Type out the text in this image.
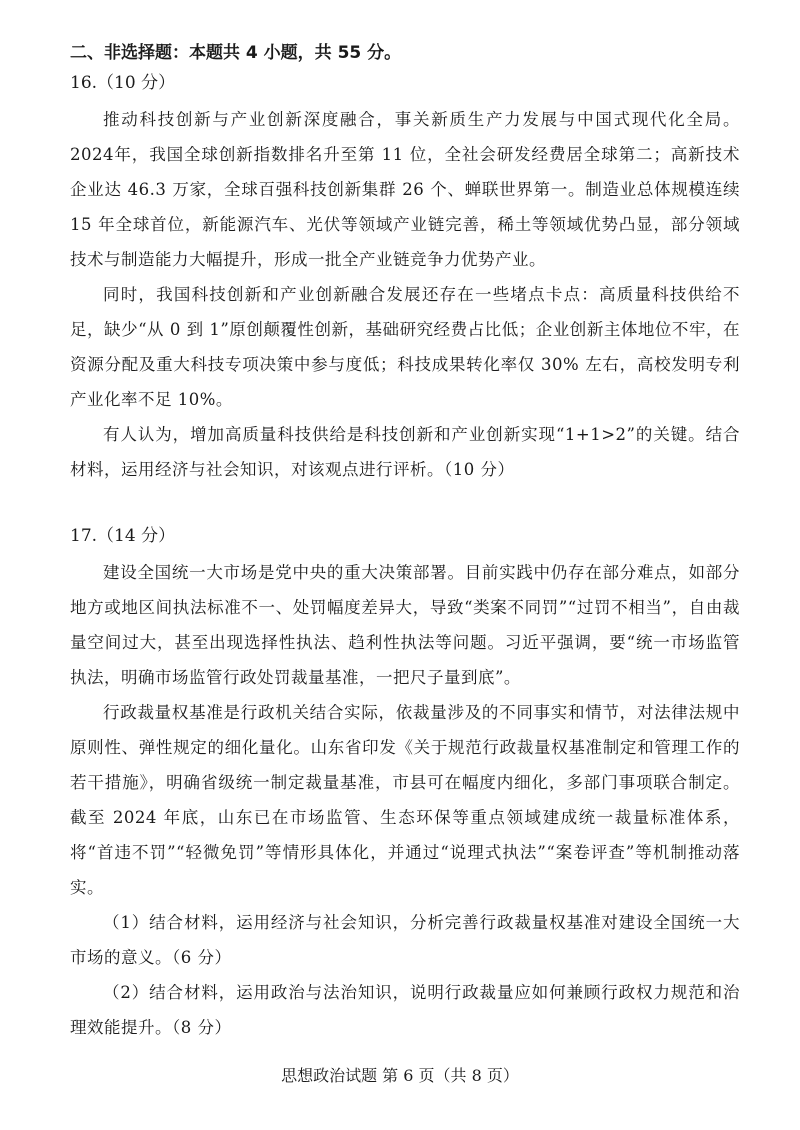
二、非选择题：本题共 4 小题，共 55 分。

16.（10 分）

推动科技创新与产业创新深度融合，事关新质生产力发展与中国式现代化全局。2024年，我国全球创新指数排名升至第 11 位，全社会研发经费居全球第二；高新技术企业达 46.3 万家，全球百强科技创新集群 26 个、蝉联世界第一。制造业总体规模连续 15 年全球首位，新能源汽车、光伏等领域产业链完善，稀土等领域优势凸显，部分领域技术与制造能力大幅提升，形成一批全产业链竞争力优势产业。

同时，我国科技创新和产业创新融合发展还存在一些堵点卡点：高质量科技供给不足，缺少“从 0 到 1”原创颠覆性创新，基础研究经费占比低；企业创新主体地位不牢，在资源分配及重大科技专项决策中参与度低；科技成果转化率仅 30% 左右，高校发明专利产业化率不足 10%。

有人认为，增加高质量科技供给是科技创新和产业创新实现“1+1>2”的关键。结合材料，运用经济与社会知识，对该观点进行评析。（10 分）

17.（14 分）

建设全国统一大市场是党中央的重大决策部署。目前实践中仍存在部分难点，如部分地方或地区间执法标准不一、处罚幅度差异大，导致“类案不同罚”“过罚不相当”，自由裁量空间过大，甚至出现选择性执法、趋利性执法等问题。习近平强调，要“统一市场监管执法，明确市场监管行政处罚裁量基准，一把尺子量到底”。

行政裁量权基准是行政机关结合实际，依裁量涉及的不同事实和情节，对法律法规中原则性、弹性规定的细化量化。山东省印发《关于规范行政裁量权基准制定和管理工作的若干措施》，明确省级统一制定裁量基准，市县可在幅度内细化，多部门事项联合制定。截至 2024 年底，山东已在市场监管、生态环保等重点领域建成统一裁量标准体系，将“首违不罚”“轻微免罚”等情形具体化，并通过“说理式执法”“案卷评查”等机制推动落实。

（1）结合材料，运用经济与社会知识，分析完善行政裁量权基准对建设全国统一大市场的意义。（6 分）

（2）结合材料，运用政治与法治知识，说明行政裁量应如何兼顾行政权力规范和治理效能提升。（8 分）

思想政治试题 第 6 页（共 8 页）
